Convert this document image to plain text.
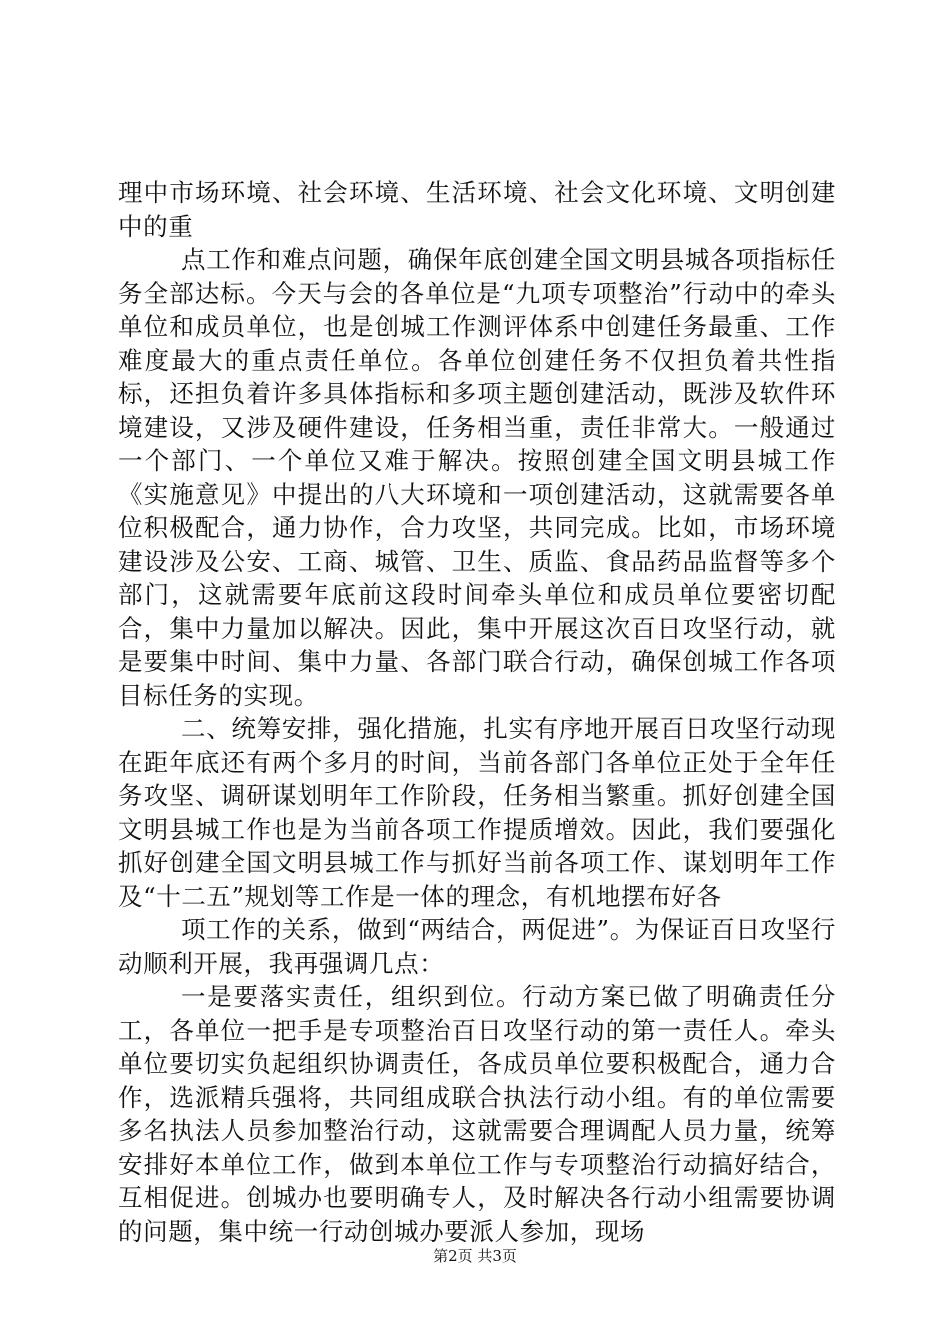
理中市场环境、社会环境、生活环境、社会文化环境、文明创建中的重

点工作和难点问题，确保年底创建全国文明县城各项指标任务全部达标。今天与会的各单位是“九项专项整治”行动中的牵头单位和成员单位，也是创城工作测评体系中创建任务最重、工作难度最大的重点责任单位。各单位创建任务不仅担负着共性指标，还担负着许多具体指标和多项主题创建活动，既涉及软件环境建设，又涉及硬件建设，任务相当重，责任非常大。一般通过一个部门、一个单位又难于解决。按照创建全国文明县城工作《实施意见》中提出的八大环境和一项创建活动，这就需要各单位积极配合，通力协作，合力攻坚，共同完成。比如，市场环境建设涉及公安、工商、城管、卫生、质监、食品药品监督等多个部门，这就需要年底前这段时间牵头单位和成员单位要密切配合，集中力量加以解决。因此，集中开展这次百日攻坚行动，就是要集中时间、集中力量、各部门联合行动，确保创城工作各项目标任务的实现。

二、统筹安排，强化措施，扎实有序地开展百日攻坚行动现在距年底还有两个多月的时间，当前各部门各单位正处于全年任务攻坚、调研谋划明年工作阶段，任务相当繁重。抓好创建全国文明县城工作也是为当前各项工作提质增效。因此，我们要强化抓好创建全国文明县城工作与抓好当前各项工作、谋划明年工作及“十二五”规划等工作是一体的理念，有机地摆布好各

项工作的关系，做到“两结合，两促进”。为保证百日攻坚行动顺利开展，我再强调几点：

一是要落实责任，组织到位。行动方案已做了明确责任分工，各单位一把手是专项整治百日攻坚行动的第一责任人。牵头单位要切实负起组织协调责任，各成员单位要积极配合，通力合作，选派精兵强将，共同组成联合执法行动小组。有的单位需要多名执法人员参加整治行动，这就需要合理调配人员力量，统筹安排好本单位工作，做到本单位工作与专项整治行动搞好结合，互相促进。创城办也要明确专人，及时解决各行动小组需要协调的问题，集中统一行动创城办要派人参加，现场

第2页 共3页
